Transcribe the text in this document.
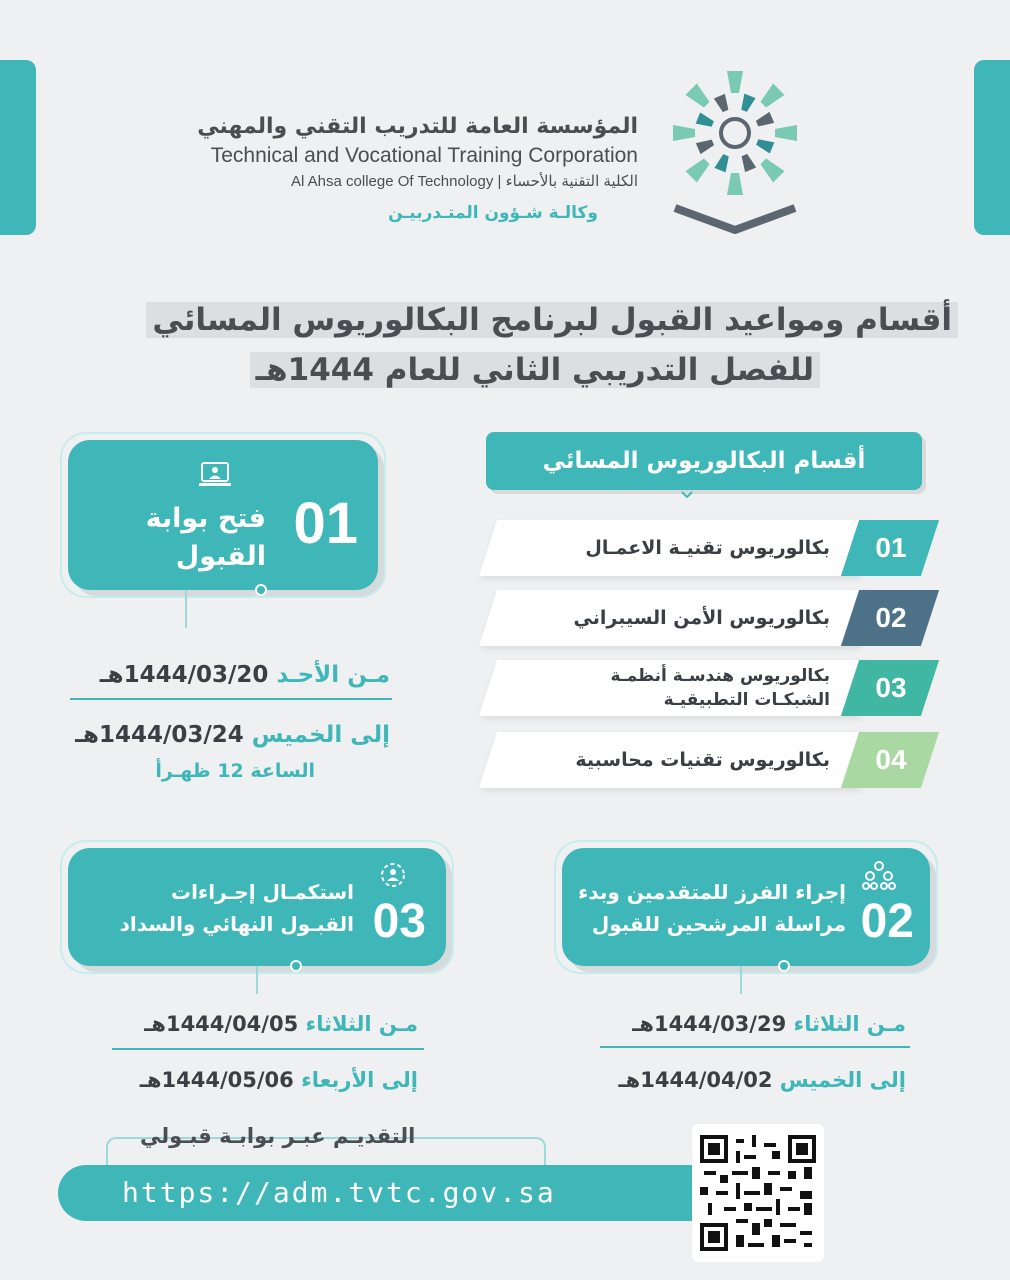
المؤسسة العامة للتدريب التقني والمهني
Technical and Vocational Training Corporation
Al Ahsa college Of Technology | الكلية التقنية بالأحساء
وكالـة شـؤون المتـدربيـن
أقسام ومواعيد القبول لبرنامج البكالوريوس المسائي
للفصل التدريبي الثاني للعام 1444هـ
أقسام البكالوريوس المسائي
01
بكالوريوس تقنيـة الاعمـال
02
بكالوريوس الأمن السيبراني
03
بكالوريوس هندسـة أنظمـة الشبكـات التطبيقيـة
04
بكالوريوس تقنيات محاسبية
فتح بوابة القبول
01
مـن الأحـد 1444/03/20هـ
إلى الخميس 1444/03/24هـ
الساعة 12 ظهـرأ
إجراء الفرز للمتقدمين وبدء
مراسلة المرشحين للقبول 02
مـن الثلاثاء 1444/03/29هـ
إلى الخميس 1444/04/02هـ
استكمـال إجـراءات
القبـول النهائي والسداد 03
مـن الثلاثاء 1444/04/05هـ
إلى الأربعاء 1444/05/06هـ
التقديـم عبـر بوابـة قبـولي
https://adm.tvtc.gov.sa
